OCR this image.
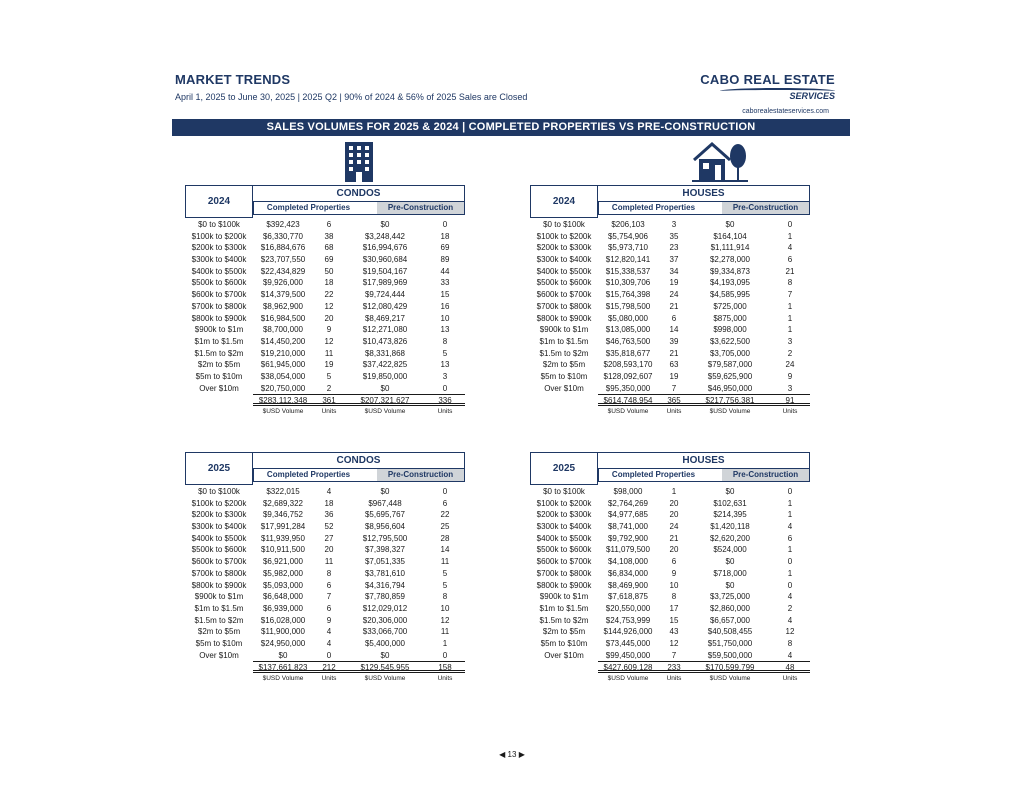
MARKET TRENDS
April 1, 2025 to June 30, 2025 | 2025 Q2 | 90% of 2024 & 56% of 2025 Sales are Closed
CABO REAL ESTATE
SERVICES
caborealestateservices.com
SALES VOLUMES FOR 2025 & 2024 | COMPLETED PROPERTIES VS PRE-CONSTRUCTION
2024
CONDOS
Completed Properties	Pre-Construction
$0 to $100k	$392,423	6	$0	0
$100k to $200k	$6,330,770	38	$3,248,442	18
$200k to $300k	$16,884,676	68	$16,994,676	69
$300k to $400k	$23,707,550	69	$30,960,684	89
$400k to $500k	$22,434,829	50	$19,504,167	44
$500k to $600k	$9,926,000	18	$17,989,969	33
$600k to $700k	$14,379,500	22	$9,724,444	15
$700k to $800k	$8,962,900	12	$12,080,429	16
$800k to $900k	$16,984,500	20	$8,469,217	10
$900k to $1m	$8,700,000	9	$12,271,080	13
$1m to $1.5m	$14,450,200	12	$10,473,826	8
$1.5m to $2m	$19,210,000	11	$8,331,868	5
$2m to $5m	$61,945,000	19	$37,422,825	13
$5m to $10m	$38,054,000	5	$19,850,000	3
Over $10m	$20,750,000	2	$0	0
$283,112,348	361	$207,321,627	336
$USD Volume	Units	$USD Volume	Units
2024
HOUSES
Completed Properties	Pre-Construction
$0 to $100k	$206,103	3	$0	0
$100k to $200k	$5,754,906	35	$164,104	1
$200k to $300k	$5,973,710	23	$1,111,914	4
$300k to $400k	$12,820,141	37	$2,278,000	6
$400k to $500k	$15,338,537	34	$9,334,873	21
$500k to $600k	$10,309,706	19	$4,193,095	8
$600k to $700k	$15,764,398	24	$4,585,995	7
$700k to $800k	$15,798,500	21	$725,000	1
$800k to $900k	$5,080,000	6	$875,000	1
$900k to $1m	$13,085,000	14	$998,000	1
$1m to $1.5m	$46,763,500	39	$3,622,500	3
$1.5m to $2m	$35,818,677	21	$3,705,000	2
$2m to $5m	$208,593,170	63	$79,587,000	24
$5m to $10m	$128,092,607	19	$59,625,900	9
Over $10m	$95,350,000	7	$46,950,000	3
$614,748,954	365	$217,756,381	91
$USD Volume	Units	$USD Volume	Units
2025
CONDOS
Completed Properties	Pre-Construction
$0 to $100k	$322,015	4	$0	0
$100k to $200k	$2,689,322	18	$967,448	6
$200k to $300k	$9,346,752	36	$5,695,767	22
$300k to $400k	$17,991,284	52	$8,956,604	25
$400k to $500k	$11,939,950	27	$12,795,500	28
$500k to $600k	$10,911,500	20	$7,398,327	14
$600k to $700k	$6,921,000	11	$7,051,335	11
$700k to $800k	$5,982,000	8	$3,781,610	5
$800k to $900k	$5,093,000	6	$4,316,794	5
$900k to $1m	$6,648,000	7	$7,780,859	8
$1m to $1.5m	$6,939,000	6	$12,029,012	10
$1.5m to $2m	$16,028,000	9	$20,306,000	12
$2m to $5m	$11,900,000	4	$33,066,700	11
$5m to $10m	$24,950,000	4	$5,400,000	1
Over $10m	$0	0	$0	0
$137,661,823	212	$129,545,955	158
$USD Volume	Units	$USD Volume	Units
2025
HOUSES
Completed Properties	Pre-Construction
$0 to $100k	$98,000	1	$0	0
$100k to $200k	$2,764,269	20	$102,631	1
$200k to $300k	$4,977,685	20	$214,395	1
$300k to $400k	$8,741,000	24	$1,420,118	4
$400k to $500k	$9,792,900	21	$2,620,200	6
$500k to $600k	$11,079,500	20	$524,000	1
$600k to $700k	$4,108,000	6	$0	0
$700k to $800k	$6,834,000	9	$718,000	1
$800k to $900k	$8,469,900	10	$0	0
$900k to $1m	$7,618,875	8	$3,725,000	4
$1m to $1.5m	$20,550,000	17	$2,860,000	2
$1.5m to $2m	$24,753,999	15	$6,657,000	4
$2m to $5m	$144,926,000	43	$40,508,455	12
$5m to $10m	$73,445,000	12	$51,750,000	8
Over $10m	$99,450,000	7	$59,500,000	4
$427,609,128	233	$170,599,799	48
$USD Volume	Units	$USD Volume	Units
◀ 13 ▶
